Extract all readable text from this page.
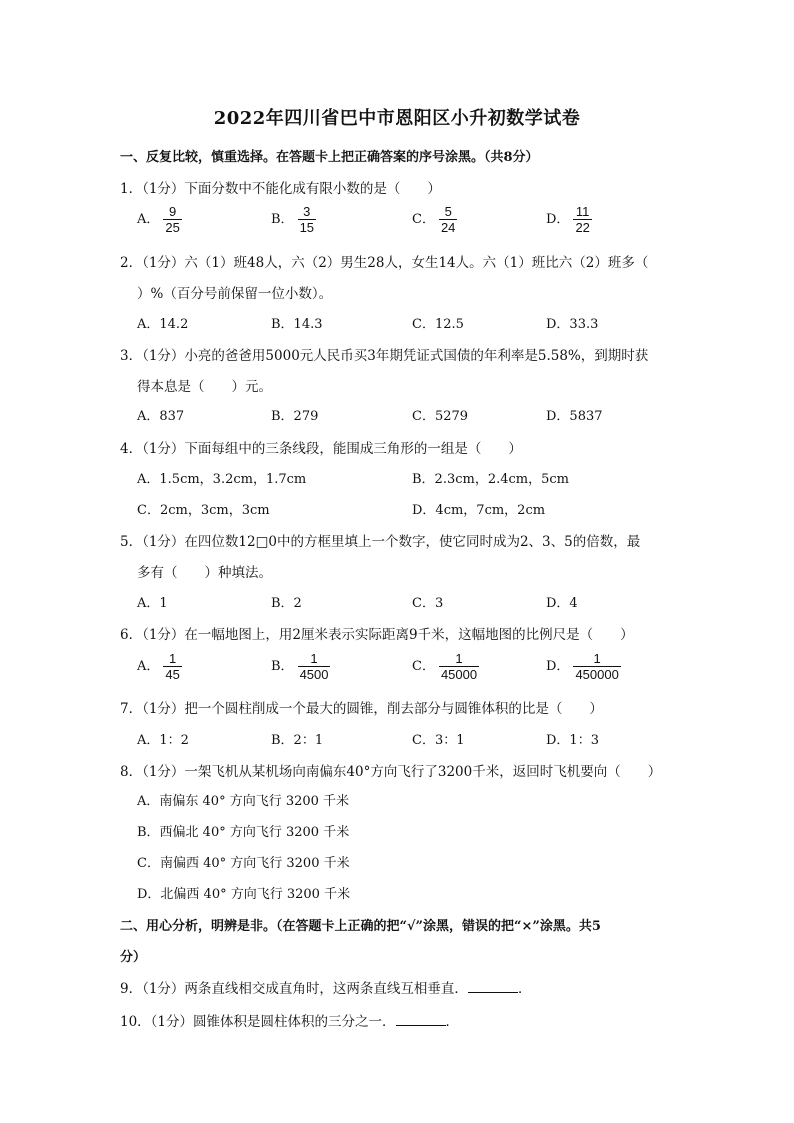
2022年四川省巴中市恩阳区小升初数学试卷
一、反复比较，慎重选择。在答题卡上把正确答案的序号涂黑。（共8分）
1．（1分）下面分数中不能化成有限小数的是（　　）
A． $\frac{9}{25}$	B． $\frac{3}{15}$	C． $\frac{5}{24}$	D． $\frac{11}{22}$
2．（1分）六（1）班48人，六（2）男生28人，女生14人。六（1）班比六（2）班多（
）%（百分号前保留一位小数）。
A．14.2	B．14.3	C．12.5	D．33.3
3．（1分）小亮的爸爸用5000元人民币买3年期凭证式国债的年利率是5.58%，到期时获
得本息是（　　）元。
A．837	B．279	C．5279	D．5837
4．（1分）下面每组中的三条线段，能围成三角形的一组是（　　）
A．1.5cm，3.2cm，1.7cm	B．2.3cm，2.4cm，5cm
C．2cm，3cm，3cm	D．4cm，7cm，2cm
5．（1分）在四位数12□0中的方框里填上一个数字，使它同时成为2、3、5的倍数，最
多有（　　）种填法。
A．1	B．2	C．3	D．4
6．（1分）在一幅地图上，用2厘米表示实际距离9千米，这幅地图的比例尺是（　　）
A． $\frac{1}{45}$	B． $\frac{1}{4500}$	C． $\frac{1}{45000}$	D． $\frac{1}{450000}$
7．（1分）把一个圆柱削成一个最大的圆锥，削去部分与圆锥体积的比是（　　）
A．1：2	B．2：1	C．3：1	D．1：3
8．（1分）一架飞机从某机场向南偏东40°方向飞行了3200千米，返回时飞机要向（　　）
A．南偏东 40° 方向飞行 3200 千米
B．西偏北 40° 方向飞行 3200 千米
C．南偏西 40° 方向飞行 3200 千米
D．北偏西 40° 方向飞行 3200 千米
二、用心分析，明辨是非。（在答题卡上正确的把“√”涂黑，错误的把“×”涂黑。共5
分）
9．（1分）两条直线相交成直角时，这两条直线互相垂直．	．
10．（1分）圆锥体积是圆柱体积的三分之一．	．
